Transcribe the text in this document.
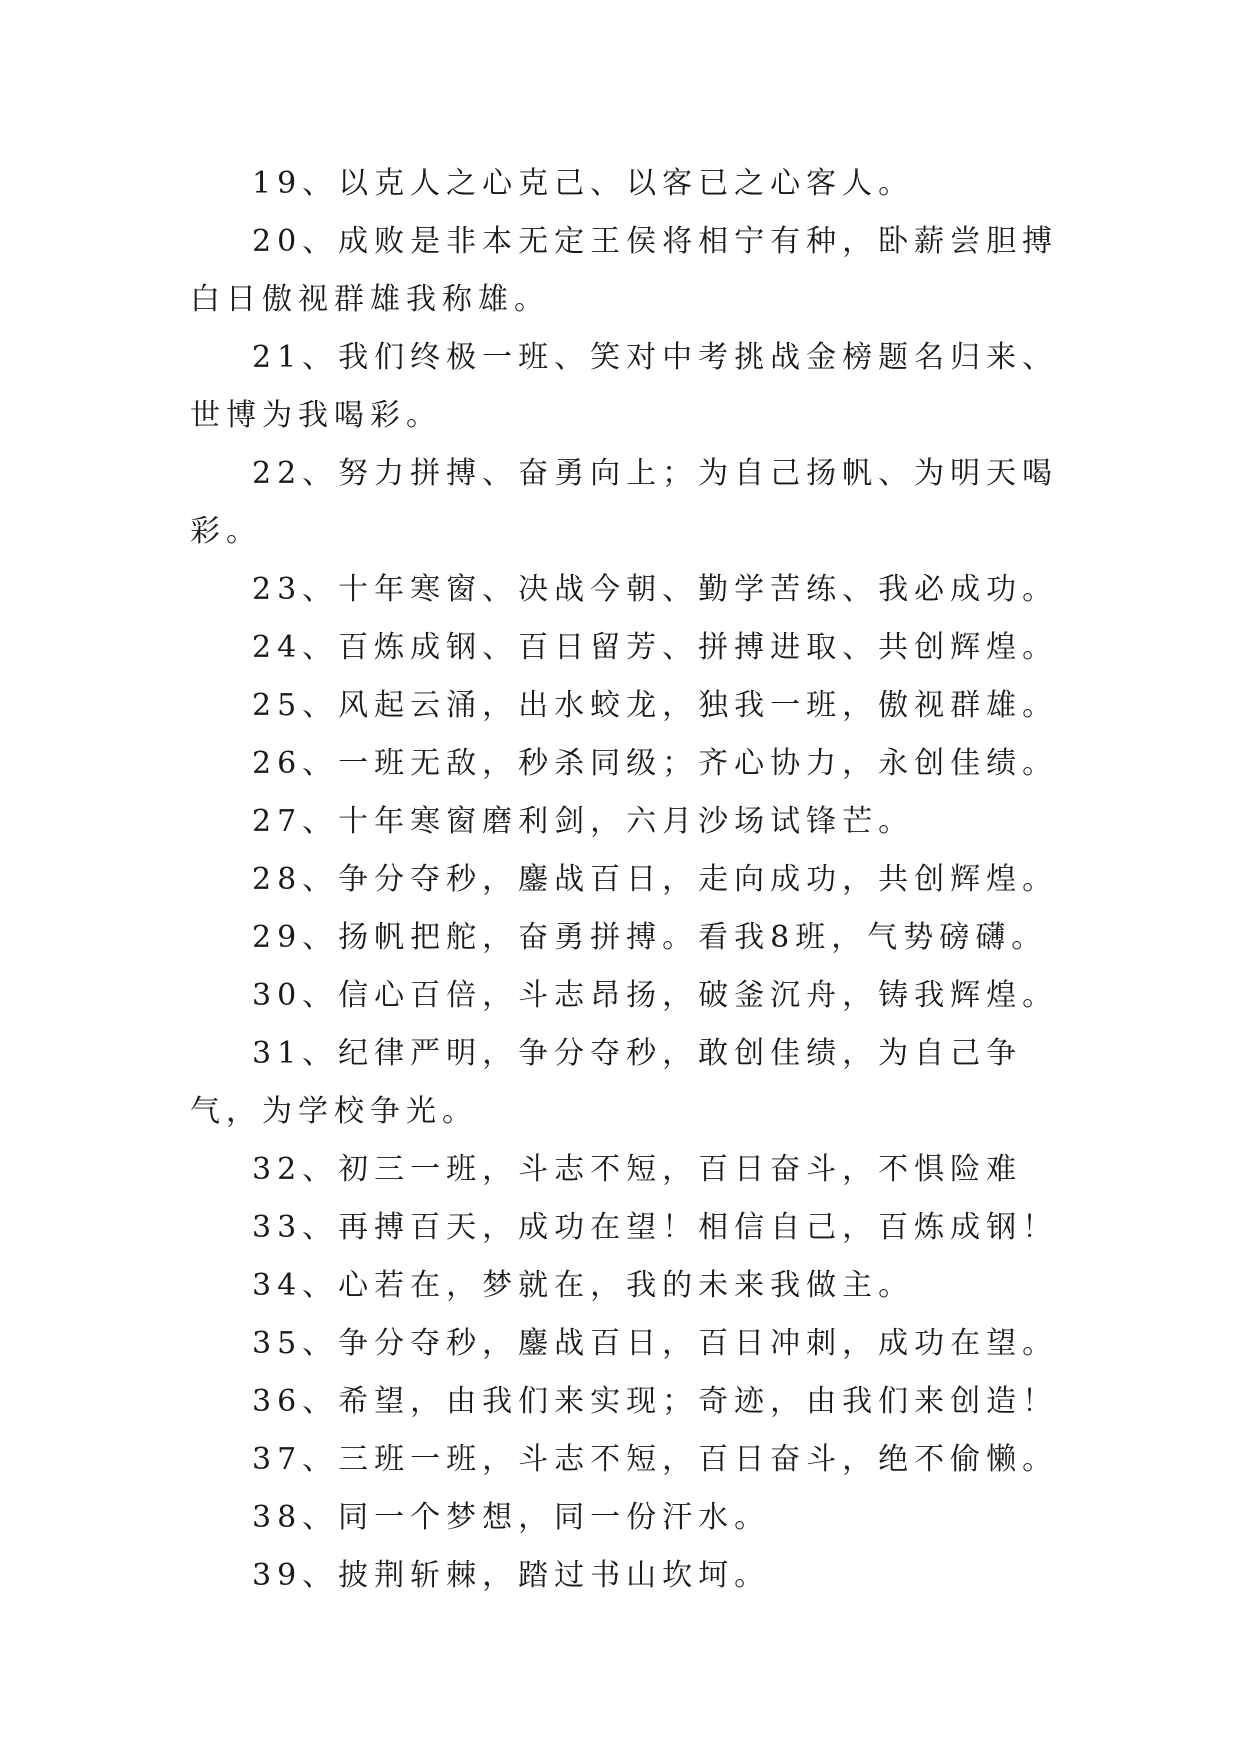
19、以克人之心克己、以客已之心客人。

20、成败是非本无定王侯将相宁有种，卧薪尝胆搏白日傲视群雄我称雄。

21、我们终极一班、笑对中考挑战金榜题名归来、世博为我喝彩。

22、努力拼搏、奋勇向上；为自己扬帆、为明天喝彩。

23、十年寒窗、决战今朝、勤学苦练、我必成功。

24、百炼成钢、百日留芳、拼搏进取、共创辉煌。

25、风起云涌，出水蛟龙，独我一班，傲视群雄。

26、一班无敌，秒杀同级；齐心协力，永创佳绩。

27、十年寒窗磨利剑，六月沙场试锋芒。

28、争分夺秒，鏖战百日，走向成功，共创辉煌。

29、扬帆把舵，奋勇拼搏。看我8班，气势磅礴。

30、信心百倍，斗志昂扬，破釜沉舟，铸我辉煌。

31、纪律严明，争分夺秒，敢创佳绩，为自己争气，为学校争光。

32、初三一班，斗志不短，百日奋斗，不惧险难

33、再搏百天，成功在望！相信自己，百炼成钢！

34、心若在，梦就在，我的未来我做主。

35、争分夺秒，鏖战百日，百日冲刺，成功在望。

36、希望，由我们来实现；奇迹，由我们来创造！

37、三班一班，斗志不短，百日奋斗，绝不偷懒。

38、同一个梦想，同一份汗水。

39、披荆斩棘，踏过书山坎坷。
